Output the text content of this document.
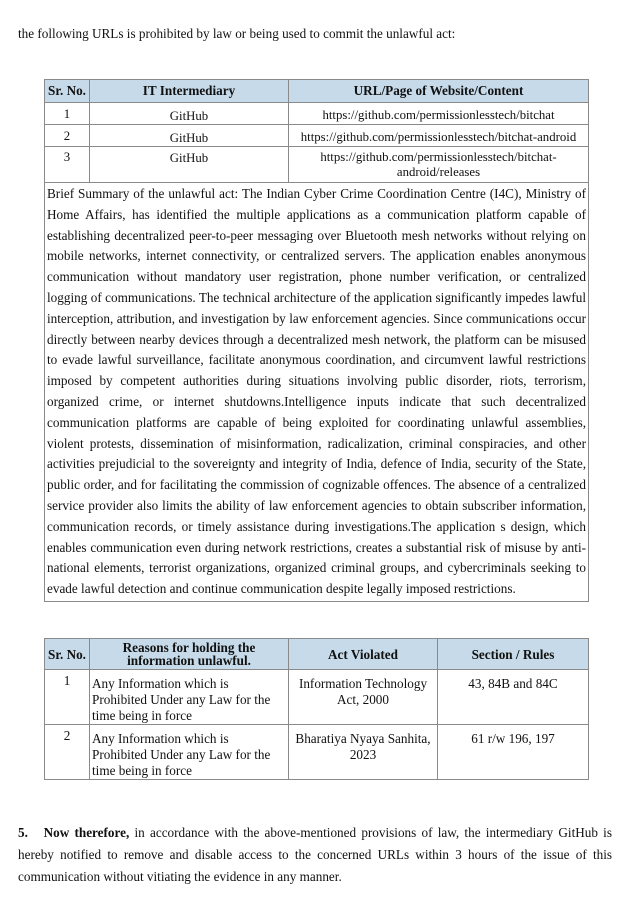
the following URLs is prohibited by law or being used to commit the unlawful act:
Sr. No.	IT Intermediary	URL/Page of Website/Content
1	GitHub	https://github.com/permissionlesstech/bitchat
2	GitHub	https://github.com/permissionlesstech/bitchat-android
3	GitHub	https://github.com/permissionlesstech/bitchat-android/releases
Brief Summary of the unlawful act: The Indian Cyber Crime Coordination Centre (I4C), Ministry of Home Affairs, has identified the multiple applications as a communication platform capable of establishing decentralized peer-to-peer messaging over Bluetooth mesh networks without relying on mobile networks, internet connectivity, or centralized servers. The application enables anonymous communication without mandatory user registration, phone number verification, or centralized logging of communications. The technical architecture of the application significantly impedes lawful interception, attribution, and investigation by law enforcement agencies. Since communications occur directly between nearby devices through a decentralized mesh network, the platform can be misused to evade lawful surveillance, facilitate anonymous coordination, and circumvent lawful restrictions imposed by competent authorities during situations involving public disorder, riots, terrorism, organized crime, or internet shutdowns.Intelligence inputs indicate that such decentralized communication platforms are capable of being exploited for coordinating unlawful assemblies, violent protests, dissemination of misinformation, radicalization, criminal conspiracies, and other activities prejudicial to the sovereignty and integrity of India, defence of India, security of the State, public order, and for facilitating the commission of cognizable offences. The absence of a centralized service provider also limits the ability of law enforcement agencies to obtain subscriber information, communication records, or timely assistance during investigations.The application s design, which enables communication even during network restrictions, creates a substantial risk of misuse by anti-national elements, terrorist organizations, organized criminal groups, and cybercriminals seeking to evade lawful detection and continue communication despite legally imposed restrictions.		
Sr. No.	Reasons for holding the information unlawful.	Act Violated	Section / Rules
1	Any Information which is Prohibited Under any Law for the time being in force	Information Technology Act, 2000	43, 84B and 84C
2	Any Information which is Prohibited Under any Law for the time being in force	Bharatiya Nyaya Sanhita, 2023	61 r/w 196, 197
5. Now therefore, in accordance with the above-mentioned provisions of law, the intermediary GitHub is hereby notified to remove and disable access to the concerned URLs within 3 hours of the issue of this communication without vitiating the evidence in any manner.
